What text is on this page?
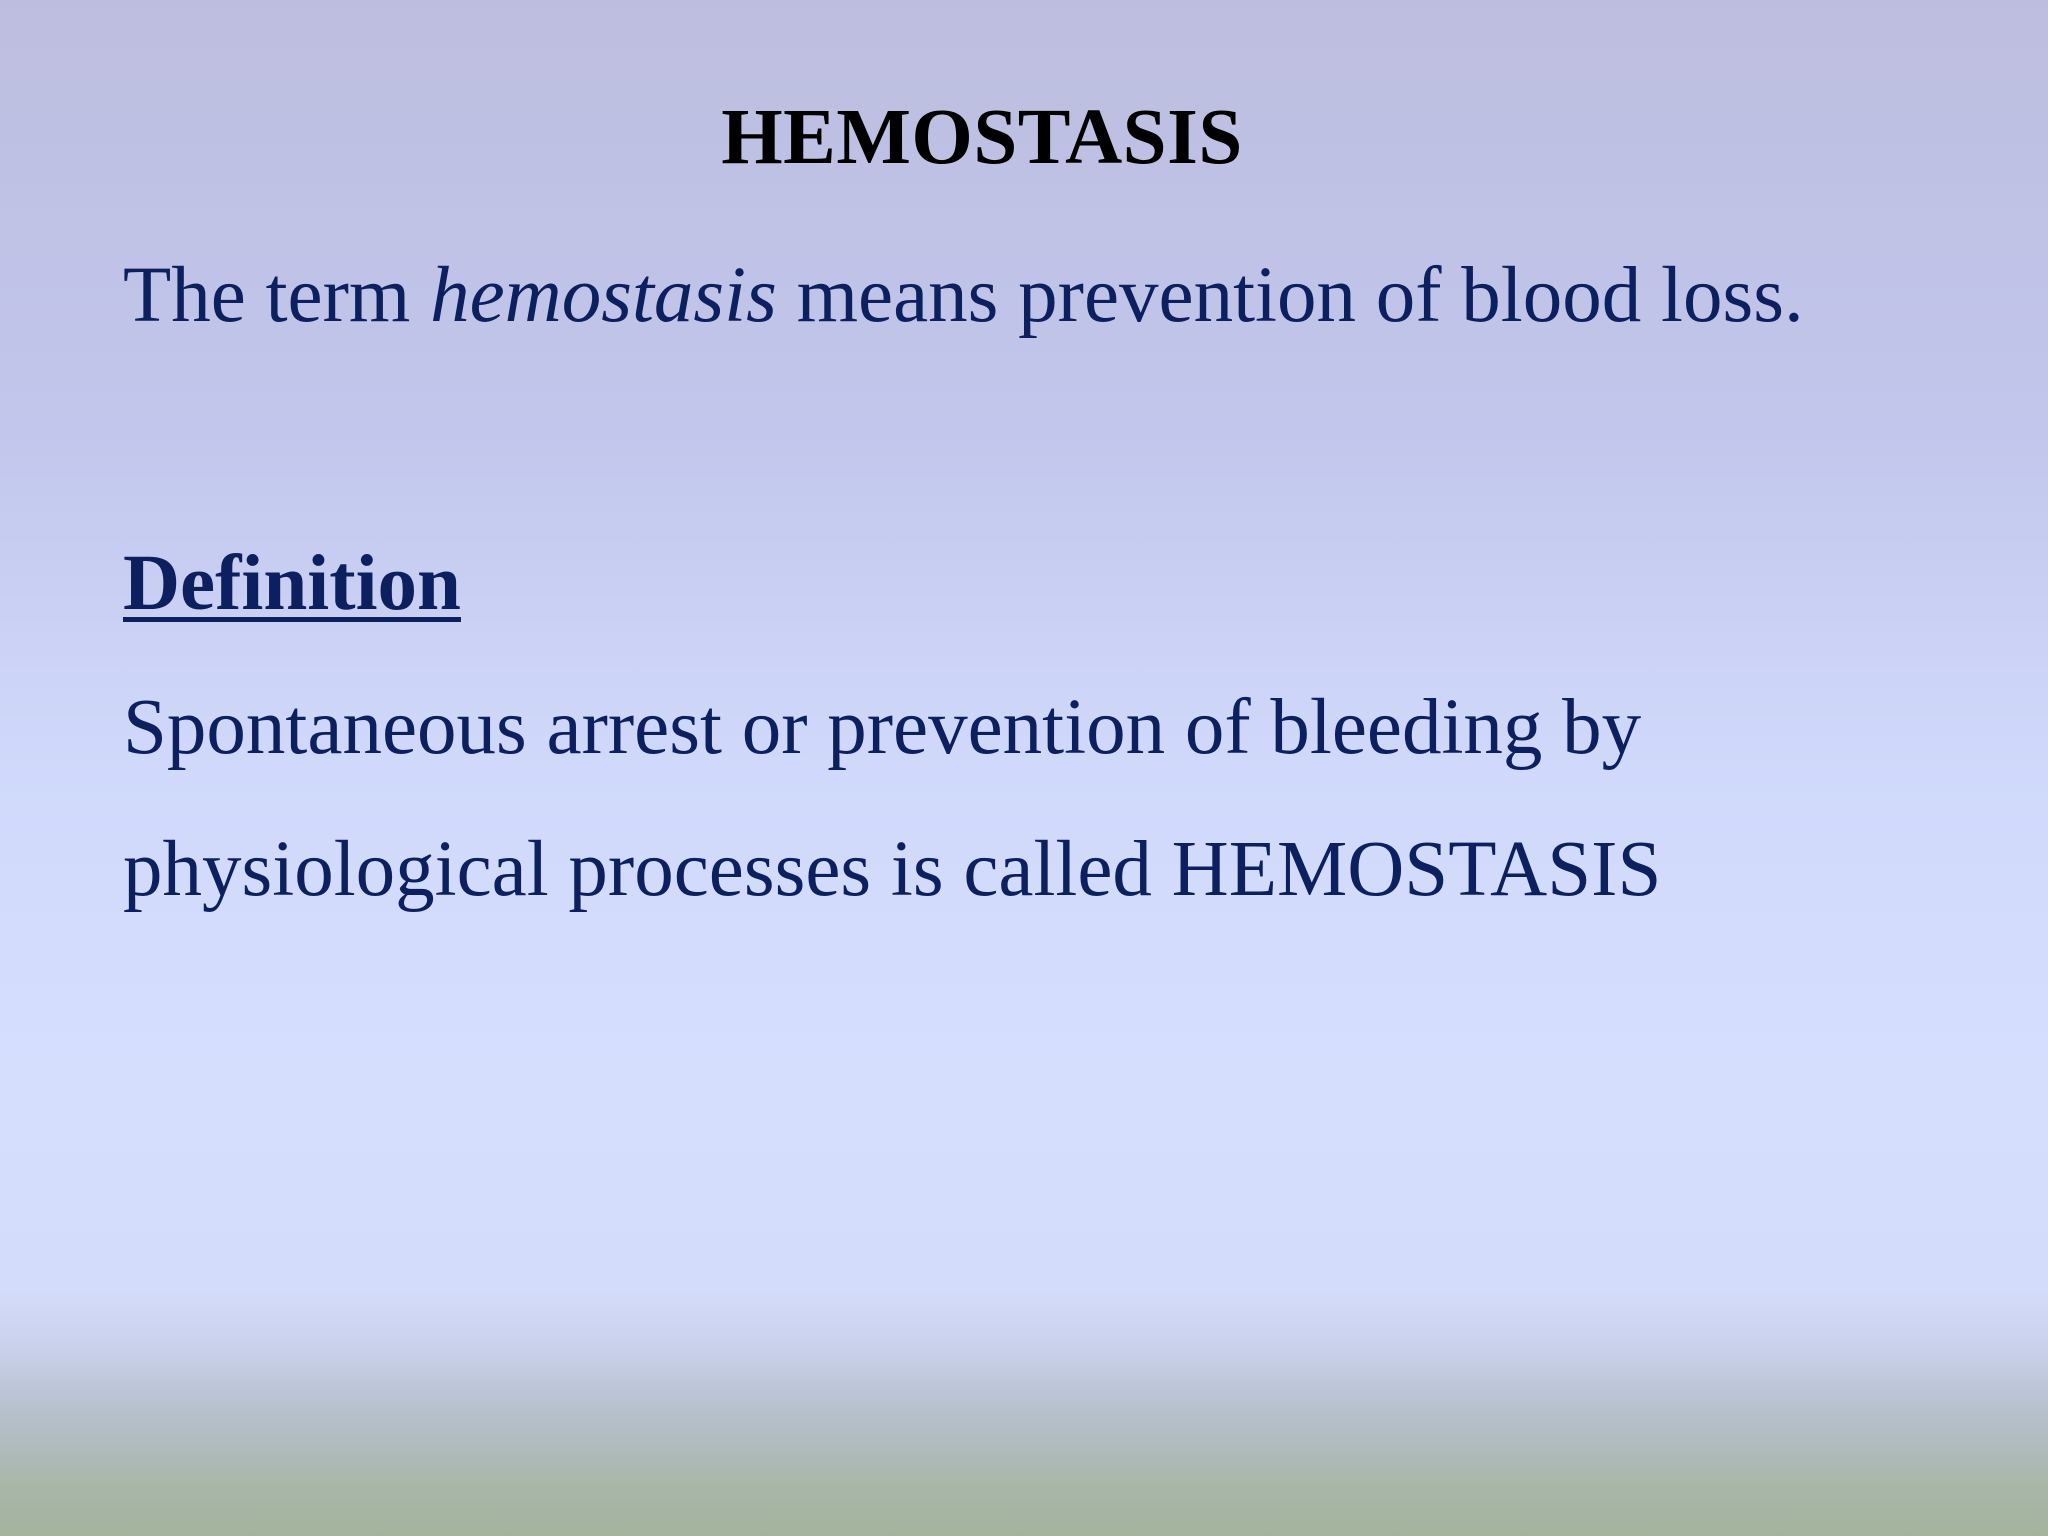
HEMOSTASIS

The term hemostasis means prevention of blood loss.

Definition

Spontaneous arrest or prevention of bleeding by

physiological processes is called HEMOSTASIS
